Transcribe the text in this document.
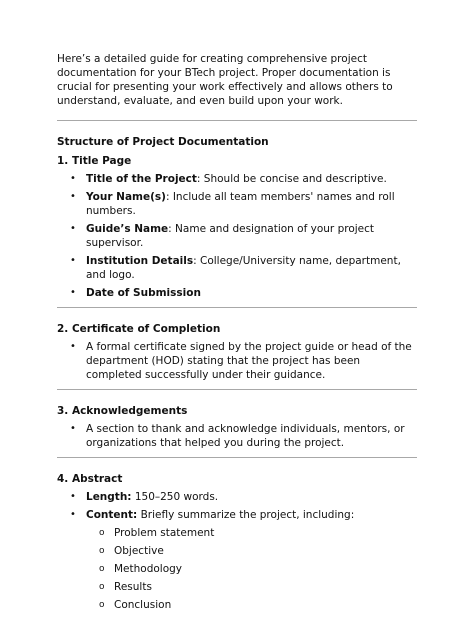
Here’s a detailed guide for creating comprehensive project documentation for your BTech project. Proper documentation is crucial for presenting your work effectively and allows others to understand, evaluate, and even build upon your work.

Structure of Project Documentation

1. Title Page

• Title of the Project: Should be concise and descriptive.
• Your Name(s): Include all team members' names and roll numbers.
• Guide’s Name: Name and designation of your project supervisor.
• Institution Details: College/University name, department, and logo.
• Date of Submission

2. Certificate of Completion

• A formal certificate signed by the project guide or head of the department (HOD) stating that the project has been completed successfully under their guidance.

3. Acknowledgements

• A section to thank and acknowledge individuals, mentors, or organizations that helped you during the project.

4. Abstract

• Length: 150–250 words.
• Content: Briefly summarize the project, including:
o Problem statement
o Objective
o Methodology
o Results
o Conclusion
